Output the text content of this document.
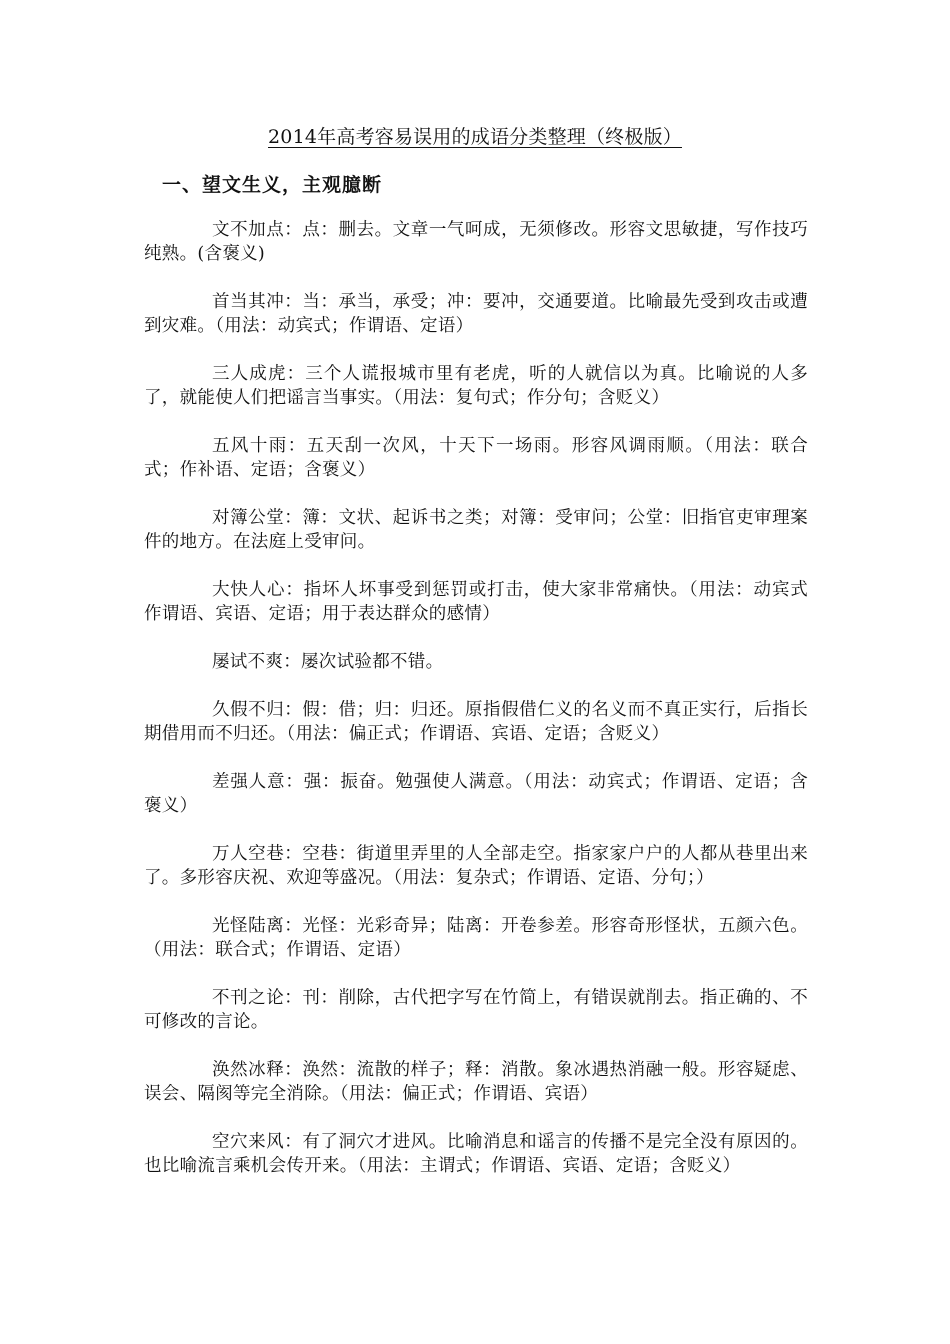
2014年高考容易误用的成语分类整理（终极版）
一、望文生义，主观臆断

文不加点：点：删去。文章一气呵成，无须修改。形容文思敏捷，写作技巧纯熟。(含褒义)

首当其冲：当：承当，承受；冲：要冲，交通要道。比喻最先受到攻击或遭到灾难。（用法：动宾式；作谓语、定语）

三人成虎：三个人谎报城市里有老虎，听的人就信以为真。比喻说的人多了，就能使人们把谣言当事实。（用法：复句式；作分句；含贬义）

五风十雨：五天刮一次风，十天下一场雨。形容风调雨顺。（用法：联合式；作补语、定语；含褒义）

对簿公堂：簿：文状、起诉书之类；对簿：受审问；公堂：旧指官吏审理案件的地方。在法庭上受审问。

大快人心：指坏人坏事受到惩罚或打击，使大家非常痛快。（用法：动宾式作谓语、宾语、定语；用于表达群众的感情）

屡试不爽：屡次试验都不错。

久假不归：假：借；归：归还。原指假借仁义的名义而不真正实行，后指长期借用而不归还。（用法：偏正式；作谓语、宾语、定语；含贬义）

差强人意：强：振奋。勉强使人满意。（用法：动宾式；作谓语、定语；含褒义）

万人空巷：空巷：街道里弄里的人全部走空。指家家户户的人都从巷里出来了。多形容庆祝、欢迎等盛况。（用法：复杂式；作谓语、定语、分句；）

光怪陆离：光怪：光彩奇异；陆离：开卷参差。形容奇形怪状，五颜六色。（用法：联合式；作谓语、定语）

不刊之论：刊：削除，古代把字写在竹简上，有错误就削去。指正确的、不可修改的言论。

涣然冰释：涣然：流散的样子；释：消散。象冰遇热消融一般。形容疑虑、误会、隔阂等完全消除。（用法：偏正式；作谓语、宾语）

空穴来风：有了洞穴才进风。比喻消息和谣言的传播不是完全没有原因的。也比喻流言乘机会传开来。（用法：主谓式；作谓语、宾语、定语；含贬义）
